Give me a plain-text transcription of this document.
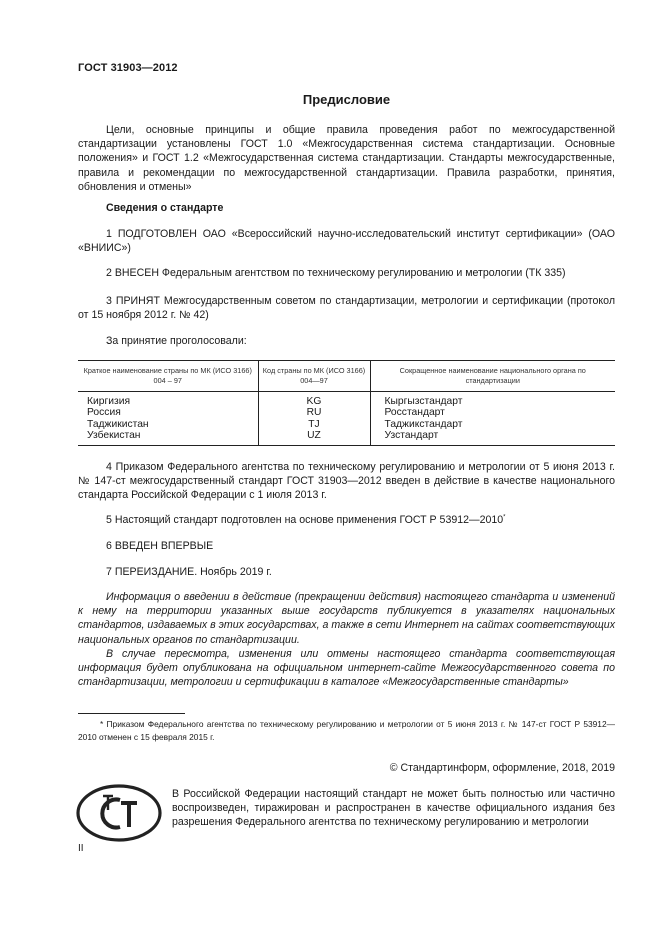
ГОСТ 31903—2012
Предисловие
Цели, основные принципы и общие правила проведения работ по межгосударственной стандартизации установлены ГОСТ 1.0 «Межгосударственная система стандартизации. Основные положения» и ГОСТ 1.2 «Межгосударственная система стандартизации. Стандарты межгосударственные, правила и рекомендации по межгосударственной стандартизации. Правила разработки, принятия, обновления и отмены»
Сведения о стандарте
1 ПОДГОТОВЛЕН ОАО «Всероссийский научно-исследовательский институт сертификации» (ОАО «ВНИИС»)
2 ВНЕСЕН Федеральным агентством по техническому регулированию и метрологии (ТК 335)
3 ПРИНЯТ Межгосударственным советом по стандартизации, метрологии и сертификации (протокол от 15 ноября 2012 г. № 42)
За принятие проголосовали:
Краткое наименование страны по МК (ИСО 3166) 004 – 97	Код страны по МК (ИСО 3166) 004—97	Сокращенное наименование национального органа по стандартизации
Киргизия	KG	Кыргызстандарт
Россия	RU	Росстандарт
Таджикистан	TJ	Таджикстандарт
Узбекистан	UZ	Узстандарт
4 Приказом Федерального агентства по техническому регулированию и метрологии от 5 июня 2013 г. № 147-ст межгосударственный стандарт ГОСТ 31903—2012 введен в действие в качестве национального стандарта Российской Федерации с 1 июля 2013 г.
5 Настоящий стандарт подготовлен на основе применения ГОСТ Р 53912—2010*
6 ВВЕДЕН ВПЕРВЫЕ
7 ПЕРЕИЗДАНИЕ. Ноябрь 2019 г.
Информация о введении в действие (прекращении действия) настоящего стандарта и изменений к нему на территории указанных выше государств публикуется в указателях национальных стандартов, издаваемых в этих государствах, а также в сети Интернет на сайтах соответствующих национальных органов по стандартизации.
В случае пересмотра, изменения или отмены настоящего стандарта соответствующая информация будет опубликована на официальном интернет-сайте Межгосударственного совета по стандартизации, метрологии и сертификации в каталоге «Межгосударственные стандарты»
* Приказом Федерального агентства по техническому регулированию и метрологии от 5 июня 2013 г. № 147-ст ГОСТ Р 53912—2010 отменен с 15 февраля 2015 г.
© Стандартинформ, оформление, 2018, 2019
В Российской Федерации настоящий стандарт не может быть полностью или частично воспроизведен, тиражирован и распространен в качестве официального издания без разрешения Федерального агентства по техническому регулированию и метрологии
II
